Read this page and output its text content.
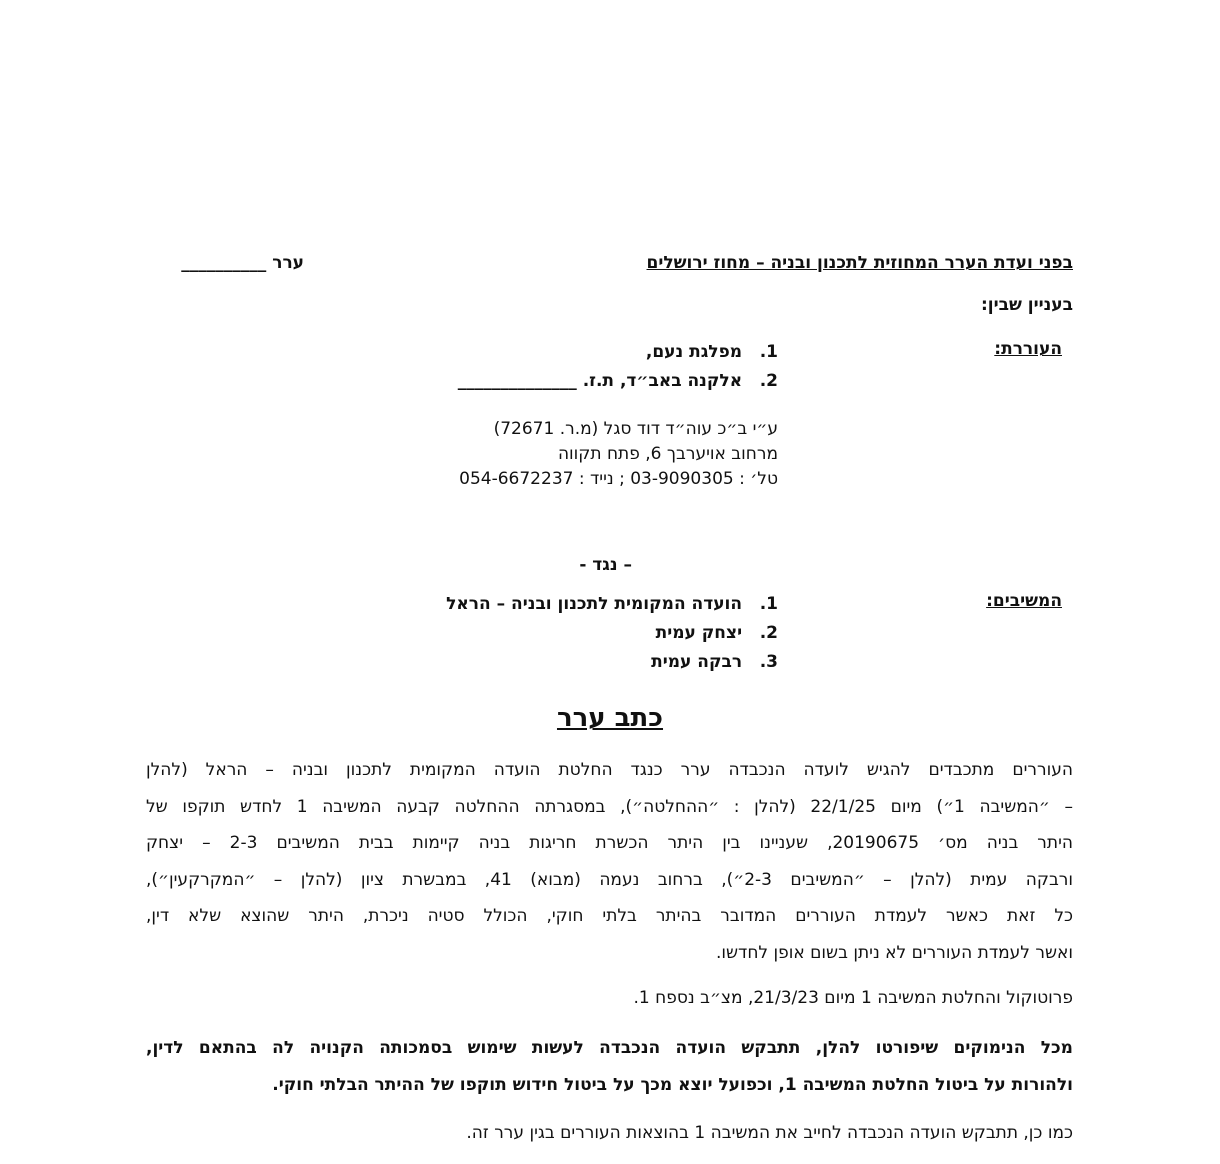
בפני ועדת הערר המחוזית לתכנון ובניה – מחוז ירושלים
ערר __________
בעניין שבין:
העוררת:
1. מפלגת נעם,
2. אלקנה באב״ד, ת.ז. ______________
ע״י ב״כ עוה״ד דוד סגל (מ.ר. 72671)
מרחוב אויערבך 6, פתח תקווה
טל׳ : 03-9090305 ; נייד : 054-6672237
– נגד -
המשיבים:
1. הועדה המקומית לתכנון ובניה – הראל
2. יצחק עמית
3. רבקה עמית
כתב ערר
העוררים מתכבדים להגיש לועדה הנכבדה ערר כנגד החלטת הועדה המקומית לתכנון ובניה – הראל (להלן
– ״המשיבה 1״) מיום 22/1/25 (להלן : ״ההחלטה״), במסגרתה ההחלטה קבעה המשיבה 1 לחדש תוקפו של
היתר בניה מס׳ 20190675, שעניינו בין היתר הכשרת חריגות בניה קיימות בבית המשיבים 2-3 – יצחק
ורבקה עמית (להלן – ״המשיבים 2-3״), ברחוב נעמה (מבוא) 41, במבשרת ציון (להלן – ״המקרקעין״),
כל זאת כאשר לעמדת העוררים המדובר בהיתר בלתי חוקי, הכולל סטיה ניכרת, היתר שהוצא שלא דין,
ואשר לעמדת העוררים לא ניתן בשום אופן לחדשו.
פרוטוקול והחלטת המשיבה 1 מיום 21/3/23, מצ״ב נספח 1.
מכל הנימוקים שיפורטו להלן, תתבקש הועדה הנכבדה לעשות שימוש בסמכותה הקנויה לה בהתאם לדין,
ולהורות על ביטול החלטת המשיבה 1, וכפועל יוצא מכך על ביטול חידוש תוקפו של ההיתר הבלתי חוקי.
כמו כן, תתבקש הועדה הנכבדה לחייב את המשיבה 1 בהוצאות העוררים בגין ערר זה.
